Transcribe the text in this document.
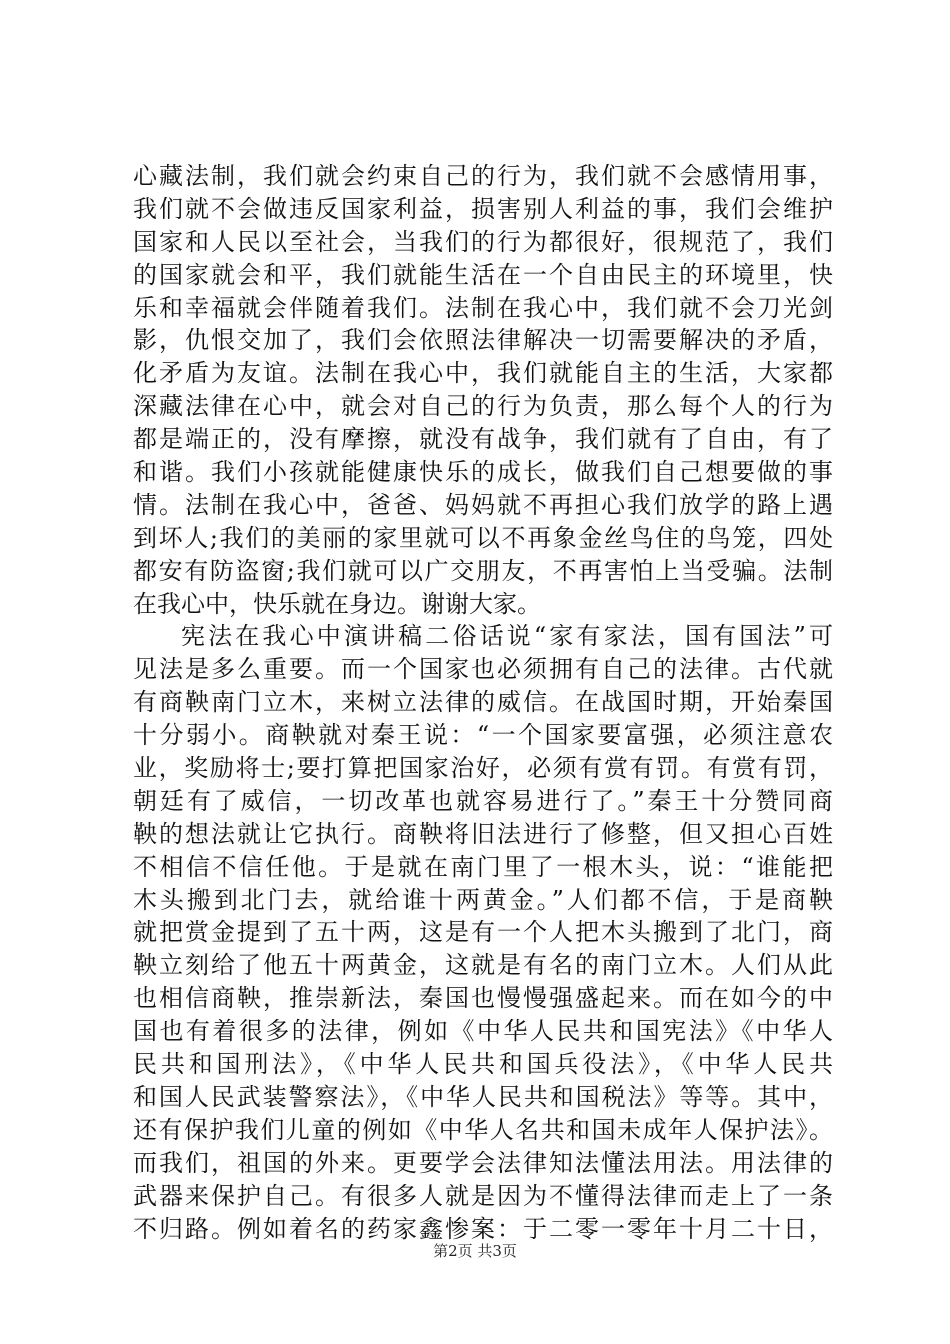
心藏法制，我们就会约束自己的行为，我们就不会感情用事，
我们就不会做违反国家利益，损害别人利益的事，我们会维护
国家和人民以至社会，当我们的行为都很好，很规范了，我们
的国家就会和平，我们就能生活在一个自由民主的环境里，快
乐和幸福就会伴随着我们。法制在我心中，我们就不会刀光剑
影，仇恨交加了，我们会依照法律解决一切需要解决的矛盾，
化矛盾为友谊。法制在我心中，我们就能自主的生活，大家都
深藏法律在心中，就会对自己的行为负责，那么每个人的行为
都是端正的，没有摩擦，就没有战争，我们就有了自由，有了
和谐。我们小孩就能健康快乐的成长，做我们自己想要做的事
情。法制在我心中，爸爸、妈妈就不再担心我们放学的路上遇
到坏人;我们的美丽的家里就可以不再象金丝鸟住的鸟笼，四处
都安有防盗窗;我们就可以广交朋友，不再害怕上当受骗。法制
在我心中，快乐就在身边。谢谢大家。
宪法在我心中演讲稿二俗话说“家有家法，国有国法”可
见法是多么重要。而一个国家也必须拥有自己的法律。古代就
有商鞅南门立木，来树立法律的威信。在战国时期，开始秦国
十分弱小。商鞅就对秦王说：“一个国家要富强，必须注意农
业，奖励将士;要打算把国家治好，必须有赏有罚。有赏有罚，
朝廷有了威信，一切改革也就容易进行了。”秦王十分赞同商
鞅的想法就让它执行。商鞅将旧法进行了修整，但又担心百姓
不相信不信任他。于是就在南门里了一根木头，说：“谁能把
木头搬到北门去，就给谁十两黄金。”人们都不信，于是商鞅
就把赏金提到了五十两，这是有一个人把木头搬到了北门，商
鞅立刻给了他五十两黄金，这就是有名的南门立木。人们从此
也相信商鞅，推崇新法，秦国也慢慢强盛起来。而在如今的中
国也有着很多的法律，例如《中华人民共和国宪法》《中华人
民共和国刑法》，《中华人民共和国兵役法》，《中华人民共
和国人民武装警察法》，《中华人民共和国税法》等等。其中，
还有保护我们儿童的例如《中华人名共和国未成年人保护法》。
而我们，祖国的外来。更要学会法律知法懂法用法。用法律的
武器来保护自己。有很多人就是因为不懂得法律而走上了一条
不归路。例如着名的药家鑫惨案：于二零一零年十月二十日，
第2页 共3页
